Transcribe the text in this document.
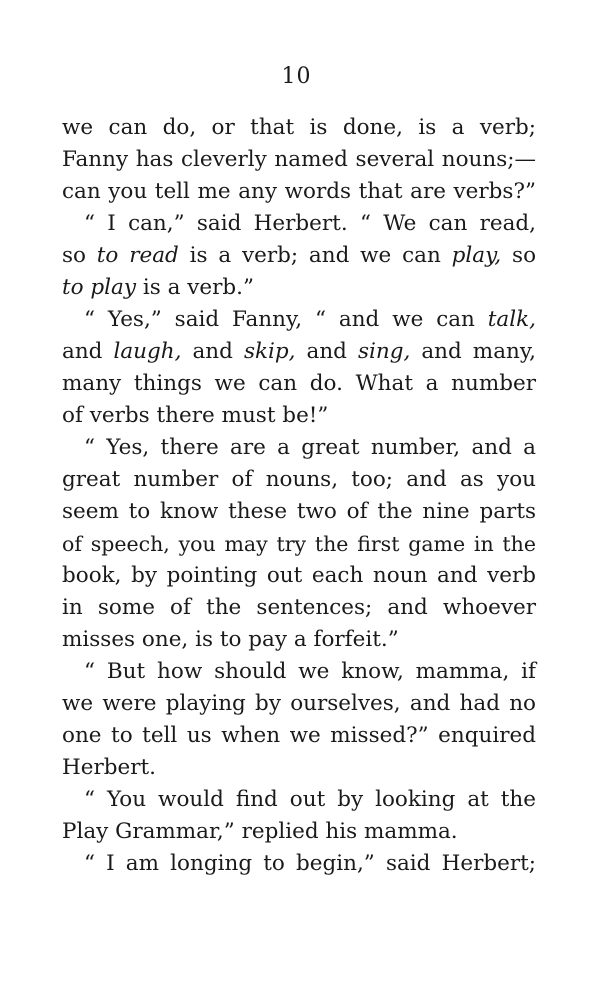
10
we can do, or that is done, is a verb;
Fanny has cleverly named several nouns;—
can you tell me any words that are verbs?”
“ I can,” said Herbert. “ We can read,
so to read is a verb; and we can play, so
to play is a verb.”
“ Yes,” said Fanny, “ and we can talk,
and laugh, and skip, and sing, and many,
many things we can do. What a number
of verbs there must be!”
“ Yes, there are a great number, and a
great number of nouns, too; and as you
seem to know these two of the nine parts
of speech, you may try the first game in the
book, by pointing out each noun and verb
in some of the sentences; and whoever
misses one, is to pay a forfeit.”
“ But how should we know, mamma, if
we were playing by ourselves, and had no
one to tell us when we missed?” enquired
Herbert.
“ You would find out by looking at the
Play Grammar,” replied his mamma.
“ I am longing to begin,” said Herbert;
